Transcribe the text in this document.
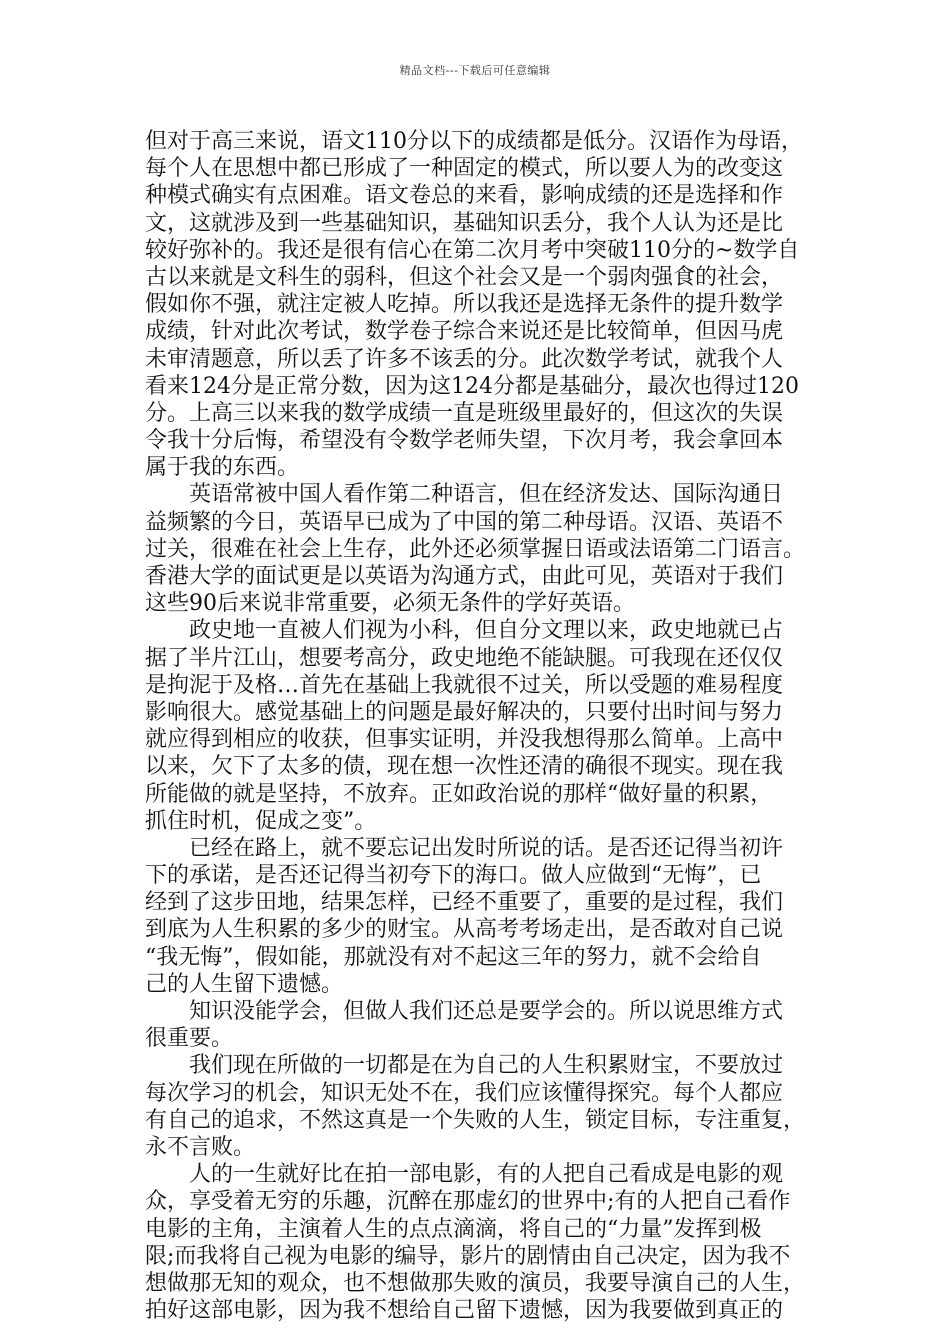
精品文档---下载后可任意编辑
但对于高三来说，语文110分以下的成绩都是低分。汉语作为母语，
每个人在思想中都已形成了一种固定的模式，所以要人为的改变这
种模式确实有点困难。语文卷总的来看，影响成绩的还是选择和作
文，这就涉及到一些基础知识，基础知识丢分，我个人认为还是比
较好弥补的。我还是很有信心在第二次月考中突破110分的~数学自
古以来就是文科生的弱科，但这个社会又是一个弱肉强食的社会，
假如你不强，就注定被人吃掉。所以我还是选择无条件的提升数学
成绩，针对此次考试，数学卷子综合来说还是比较简单，但因马虎
未审清题意，所以丢了许多不该丢的分。此次数学考试，就我个人
看来124分是正常分数，因为这124分都是基础分，最次也得过120
分。上高三以来我的数学成绩一直是班级里最好的，但这次的失误
令我十分后悔，希望没有令数学老师失望，下次月考，我会拿回本
属于我的东西。
英语常被中国人看作第二种语言，但在经济发达、国际沟通日
益频繁的今日，英语早已成为了中国的第二种母语。汉语、英语不
过关，很难在社会上生存，此外还必须掌握日语或法语第二门语言。
香港大学的面试更是以英语为沟通方式，由此可见，英语对于我们
这些90后来说非常重要，必须无条件的学好英语。
政史地一直被人们视为小科，但自分文理以来，政史地就已占
据了半片江山，想要考高分，政史地绝不能缺腿。可我现在还仅仅
是拘泥于及格…首先在基础上我就很不过关，所以受题的难易程度
影响很大。感觉基础上的问题是最好解决的，只要付出时间与努力
就应得到相应的收获，但事实证明，并没我想得那么简单。上高中
以来，欠下了太多的债，现在想一次性还清的确很不现实。现在我
所能做的就是坚持，不放弃。正如政治说的那样“做好量的积累，
抓住时机，促成之变”。
已经在路上，就不要忘记出发时所说的话。是否还记得当初许
下的承诺，是否还记得当初夸下的海口。做人应做到“无悔”，已
经到了这步田地，结果怎样，已经不重要了，重要的是过程，我们
到底为人生积累的多少的财宝。从高考考场走出，是否敢对自己说
“我无悔”，假如能，那就没有对不起这三年的努力，就不会给自
己的人生留下遗憾。
知识没能学会，但做人我们还总是要学会的。所以说思维方式
很重要。
我们现在所做的一切都是在为自己的人生积累财宝，不要放过
每次学习的机会，知识无处不在，我们应该懂得探究。每个人都应
有自己的追求，不然这真是一个失败的人生，锁定目标，专注重复，
永不言败。
人的一生就好比在拍一部电影，有的人把自己看成是电影的观
众，享受着无穷的乐趣，沉醉在那虚幻的世界中;有的人把自己看作
电影的主角，主演着人生的点点滴滴，将自己的“力量”发挥到极
限;而我将自己视为电影的编导，影片的剧情由自己决定，因为我不
想做那无知的观众，也不想做那失败的演员，我要导演自己的人生，
拍好这部电影，因为我不想给自己留下遗憾，因为我要做到真正的
